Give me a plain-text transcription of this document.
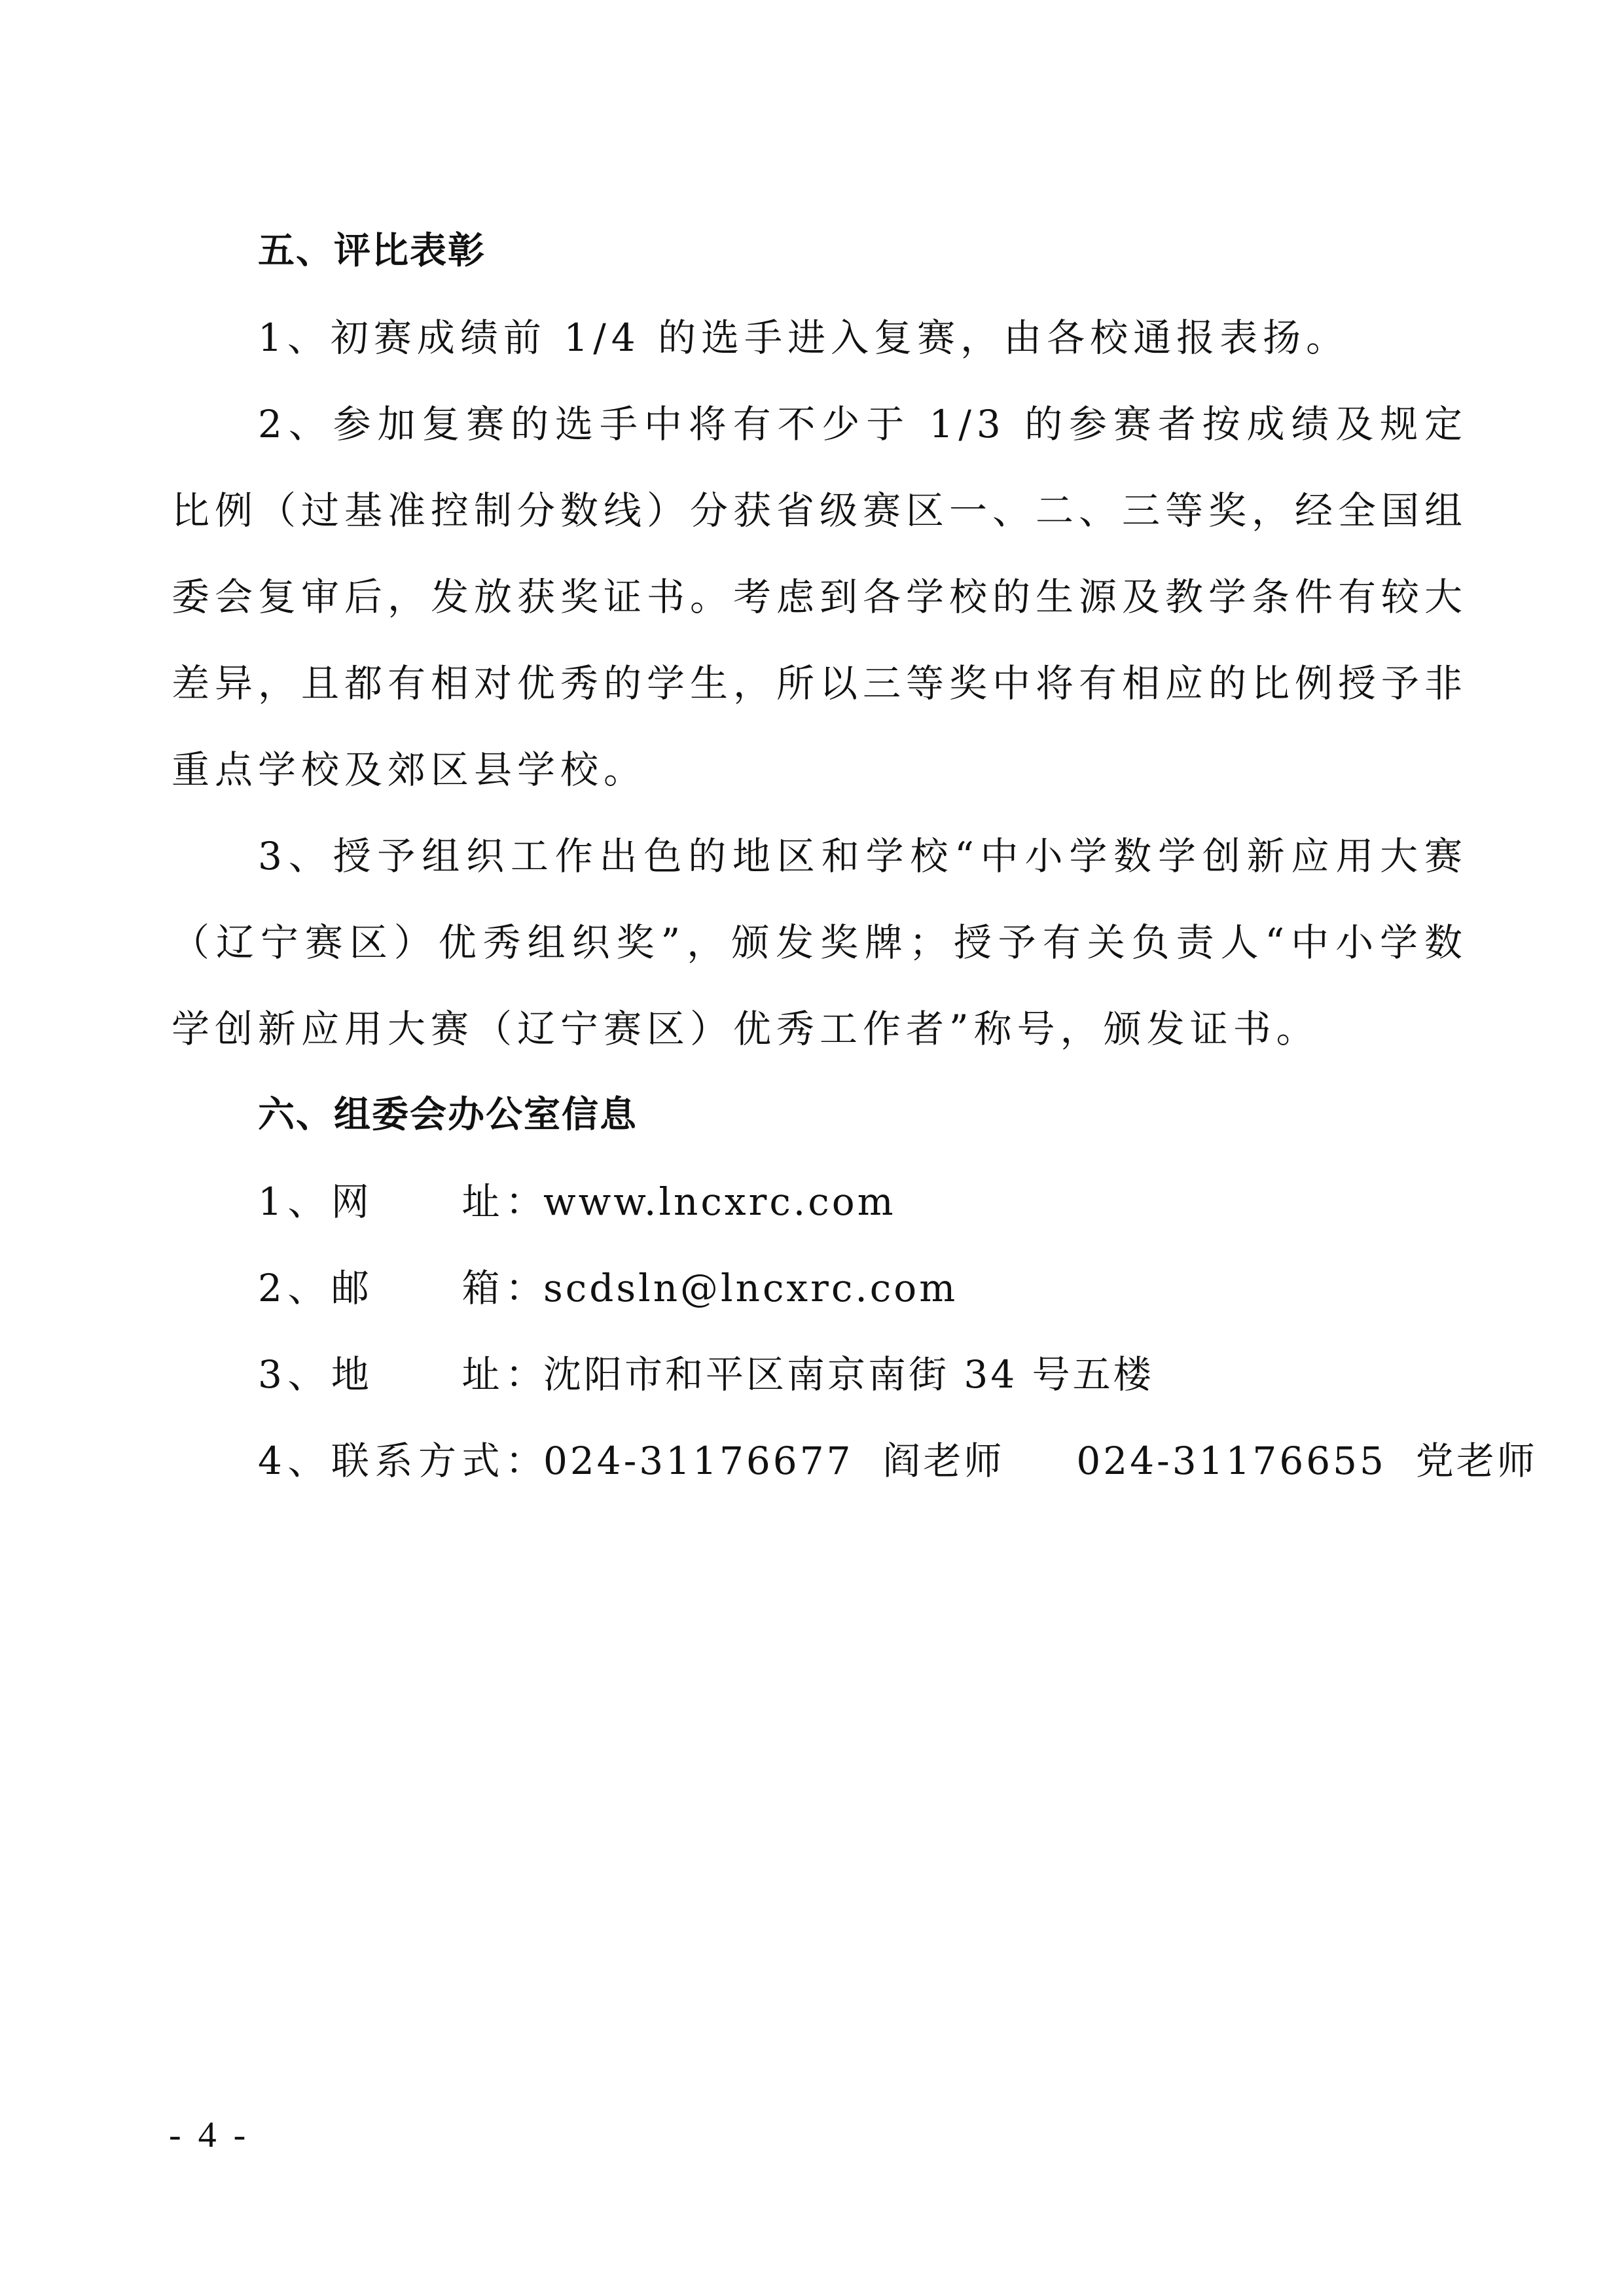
五、评比表彰

1、初赛成绩前 1/4 的选手进入复赛，由各校通报表扬。

2、参加复赛的选手中将有不少于 1/3 的参赛者按成绩及规定比例（过基准控制分数线）分获省级赛区一、二、三等奖，经全国组委会复审后，发放获奖证书。考虑到各学校的生源及教学条件有较大差异，且都有相对优秀的学生，所以三等奖中将有相应的比例授予非重点学校及郊区县学校。

3、授予组织工作出色的地区和学校“中小学数学创新应用大赛（辽宁赛区）优秀组织奖”，颁发奖牌；授予有关负责人“中小学数学创新应用大赛（辽宁赛区）优秀工作者”称号，颁发证书。

六、组委会办公室信息

1、网　　址：www.lncxrc.com

2、邮　　箱：scdsln@lncxrc.com

3、地　　址：沈阳市和平区南京南街 34 号五楼

4、联系方式：024-31176677 阎老师 024-31176655 党老师

- 4 -
